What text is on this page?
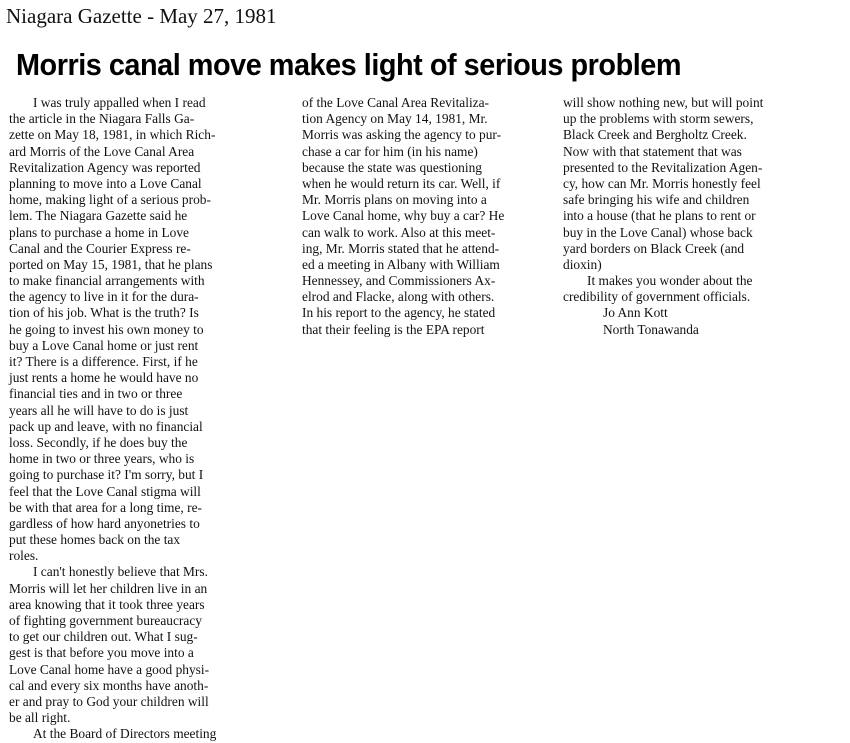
Niagara Gazette - May 27, 1981
Morris canal move makes light of serious problem
I was truly appalled when I read
the article in the Niagara Falls Ga-
zette on May 18, 1981, in which Rich-
ard Morris of the Love Canal Area
Revitalization Agency was reported
planning to move into a Love Canal
home, making light of a serious prob-
lem. The Niagara Gazette said he
plans to purchase a home in Love
Canal and the Courier Express re-
ported on May 15, 1981, that he plans
to make financial arrangements with
the agency to live in it for the dura-
tion of his job. What is the truth? Is
he going to invest his own money to
buy a Love Canal home or just rent
it? There is a difference. First, if he
just rents a home he would have no
financial ties and in two or three
years all he will have to do is just
pack up and leave, with no financial
loss. Secondly, if he does buy the
home in two or three years, who is
going to purchase it? I'm sorry, but I
feel that the Love Canal stigma will
be with that area for a long time, re-
gardless of how hard anyonetries to
put these homes back on the tax
roles.
I can't honestly believe that Mrs.
Morris will let her children live in an
area knowing that it took three years
of fighting government bureaucracy
to get our children out. What I sug-
gest is that before you move into a
Love Canal home have a good physi-
cal and every six months have anoth-
er and pray to God your children will
be all right.
At the Board of Directors meeting
of the Love Canal Area Revitaliza-
tion Agency on May 14, 1981, Mr.
Morris was asking the agency to pur-
chase a car for him (in his name)
because the state was questioning
when he would return its car. Well, if
Mr. Morris plans on moving into a
Love Canal home, why buy a car? He
can walk to work. Also at this meet-
ing, Mr. Morris stated that he attend-
ed a meeting in Albany with William
Hennessey, and Commissioners Ax-
elrod and Flacke, along with others.
In his report to the agency, he stated
that their feeling is the EPA report
will show nothing new, but will point
up the problems with storm sewers,
Black Creek and Bergholtz Creek.
Now with that statement that was
presented to the Revitalization Agen-
cy, how can Mr. Morris honestly feel
safe bringing his wife and children
into a house (that he plans to rent or
buy in the Love Canal) whose back
yard borders on Black Creek (and
dioxin)
It makes you wonder about the
credibility of government officials.
Jo Ann Kott
North Tonawanda
